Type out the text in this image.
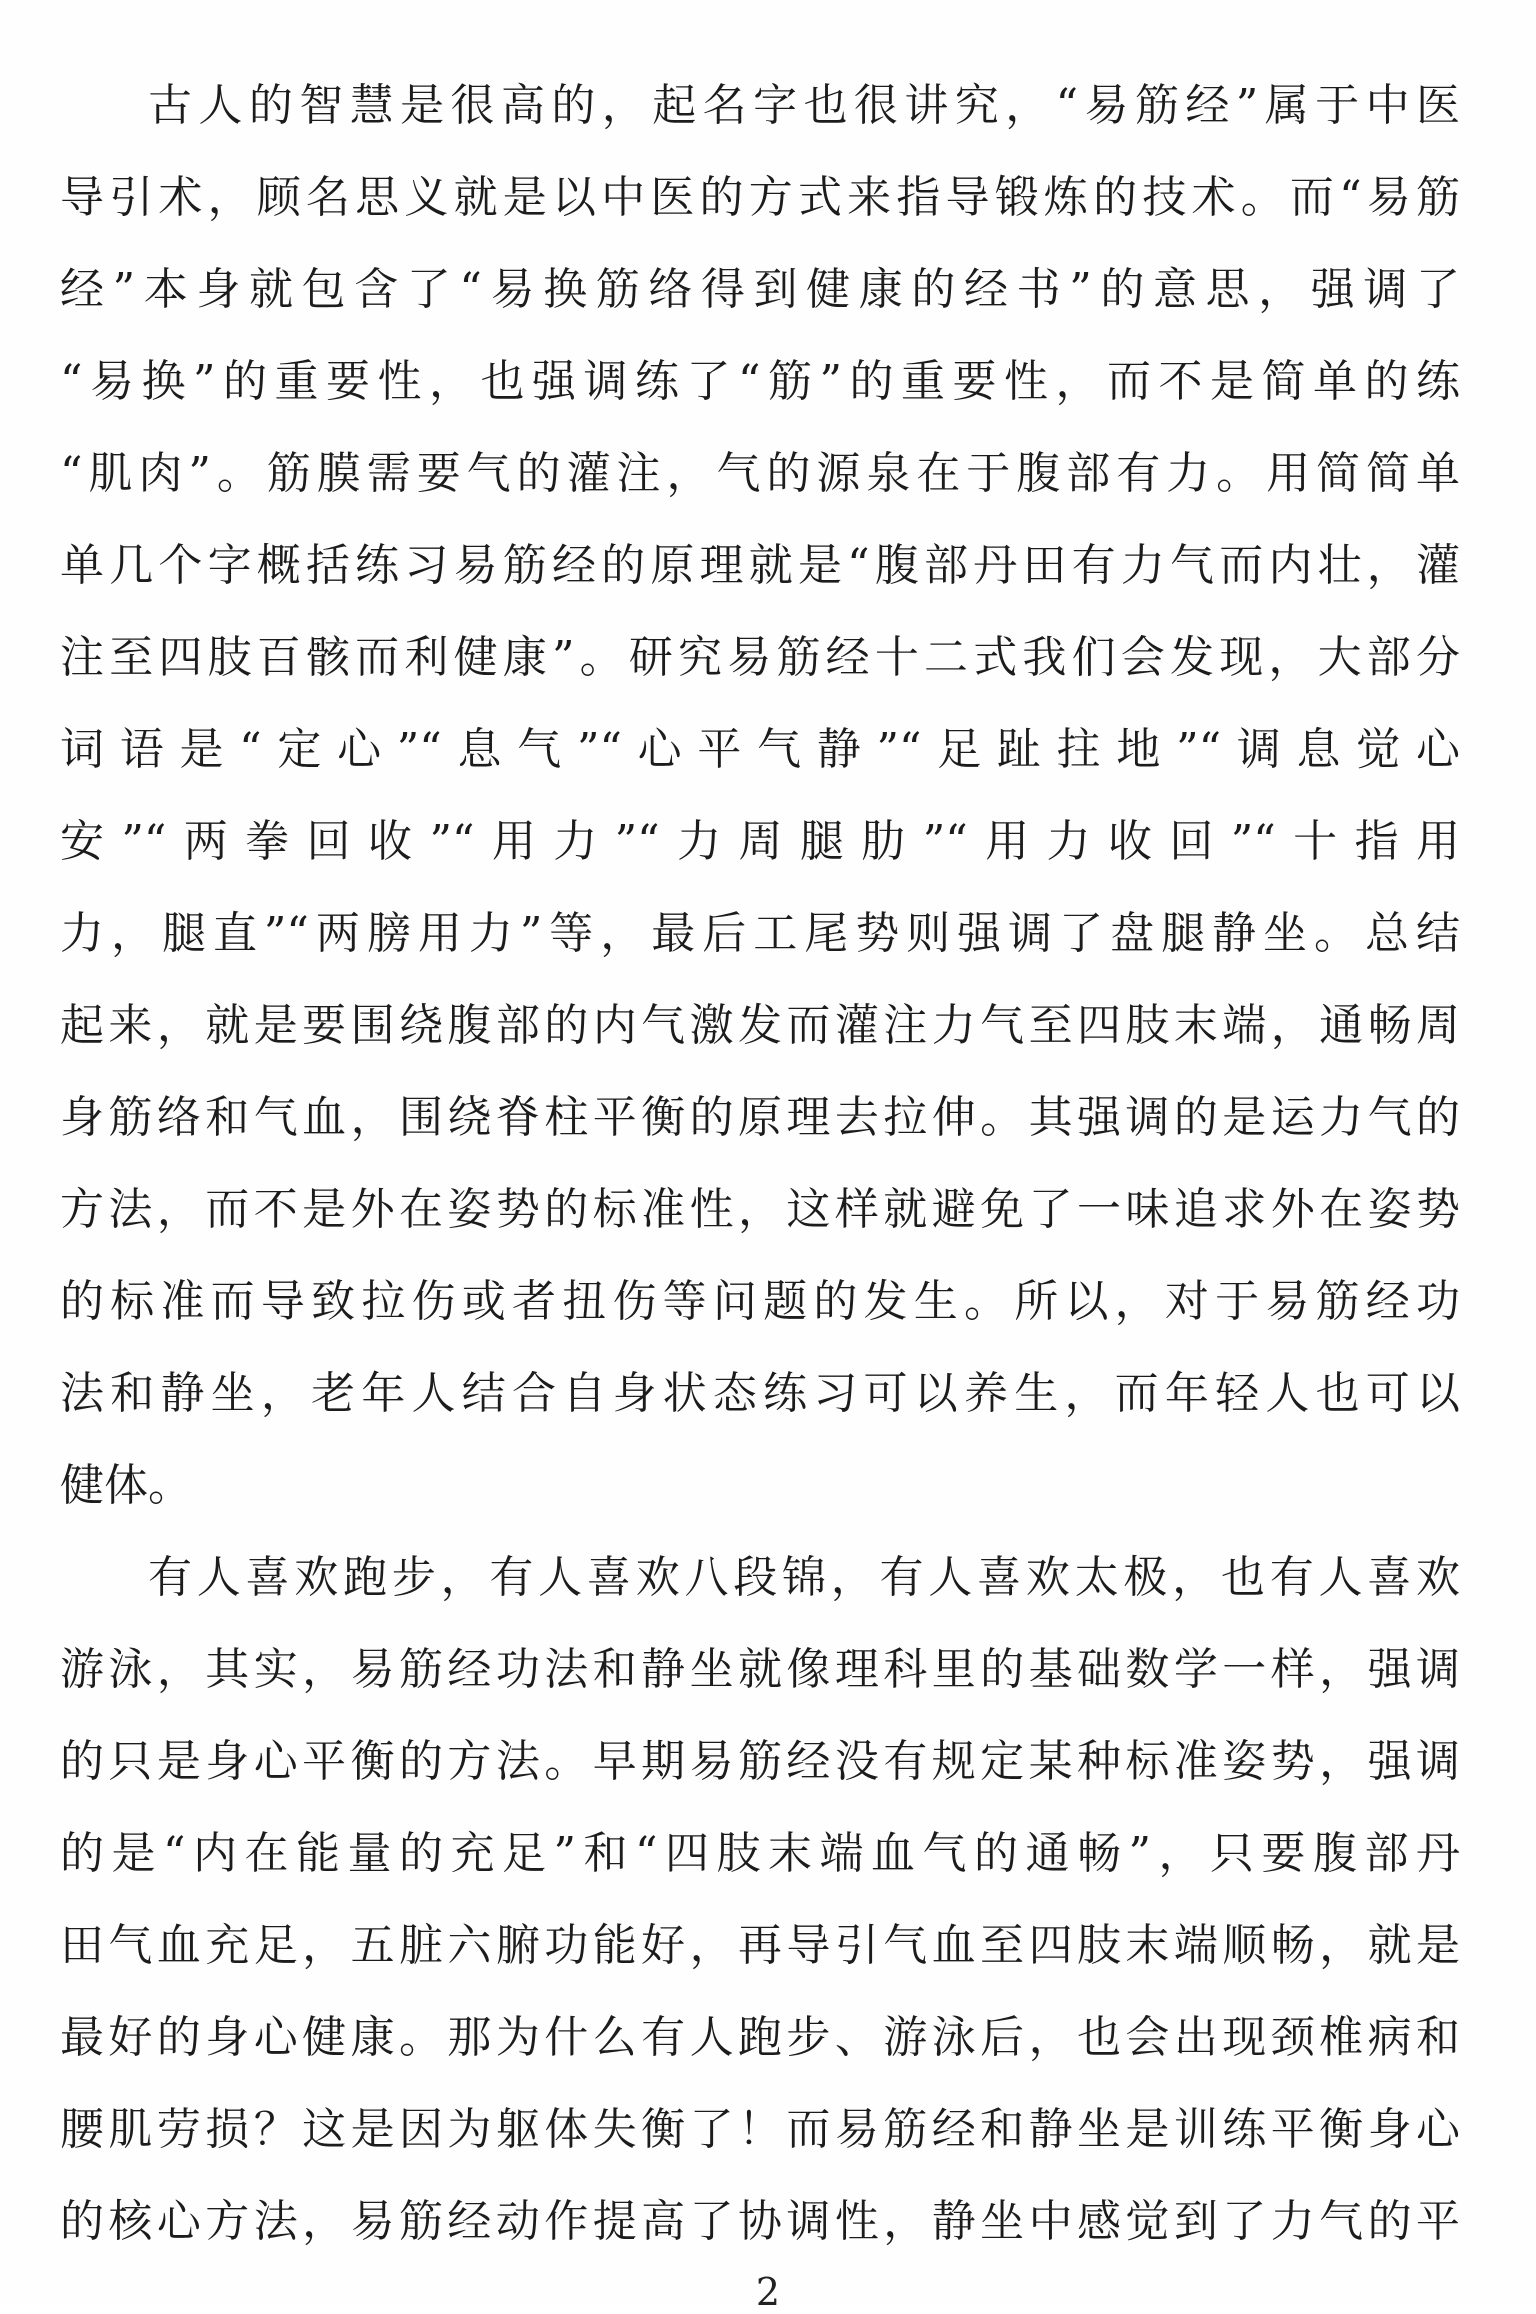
古人的智慧是很高的，起名字也很讲究，“易筋经”属于中医
导引术，顾名思义就是以中医的方式来指导锻炼的技术。而“易筋
经”本身就包含了“易换筋络得到健康的经书”的意思，强调了
“易换”的重要性，也强调练了“筋”的重要性，而不是简单的练
“肌肉”。筋膜需要气的灌注，气的源泉在于腹部有力。用简简单
单几个字概括练习易筋经的原理就是“腹部丹田有力气而内壮，灌
注至四肢百骸而利健康”。研究易筋经十二式我们会发现，大部分
词语是“定心”“息气”“心平气静”“足趾拄地”“调息觉心
安”“两拳回收”“用力”“力周腿肋”“用力收回”“十指用
力，腿直”“两膀用力”等，最后工尾势则强调了盘腿静坐。总结
起来，就是要围绕腹部的内气激发而灌注力气至四肢末端，通畅周
身筋络和气血，围绕脊柱平衡的原理去拉伸。其强调的是运力气的
方法，而不是外在姿势的标准性，这样就避免了一味追求外在姿势
的标准而导致拉伤或者扭伤等问题的发生。所以，对于易筋经功
法和静坐，老年人结合自身状态练习可以养生，而年轻人也可以
健体。
有人喜欢跑步，有人喜欢八段锦，有人喜欢太极，也有人喜欢
游泳，其实，易筋经功法和静坐就像理科里的基础数学一样，强调
的只是身心平衡的方法。早期易筋经没有规定某种标准姿势，强调
的是“内在能量的充足”和“四肢末端血气的通畅”，只要腹部丹
田气血充足，五脏六腑功能好，再导引气血至四肢末端顺畅，就是
最好的身心健康。那为什么有人跑步、游泳后，也会出现颈椎病和
腰肌劳损？这是因为躯体失衡了！而易筋经和静坐是训练平衡身心
的核心方法，易筋经动作提高了协调性，静坐中感觉到了力气的平
2
